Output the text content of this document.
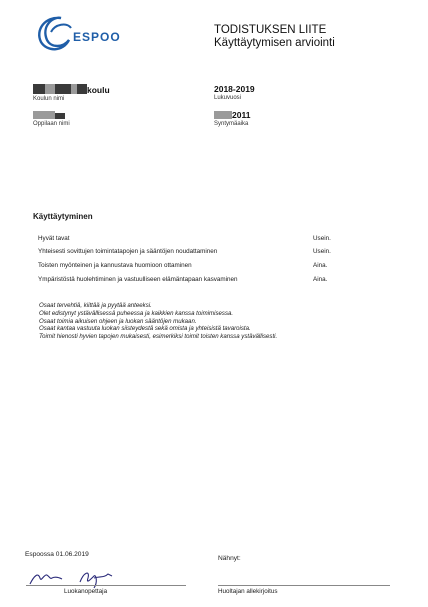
ESPOO	TODISTUKSEN LIITE
Käyttäytymisen arviointi
koulu
Koulun nimi
2018-2019
Lukuvuosi
Oppilaan nimi
2011
Syntymäaika
Käyttäytyminen
Hyvät tavat	Usein.
Yhteisesti sovittujen toimintatapojen ja sääntöjen noudattaminen	Usein.
Toisten myönteinen ja kannustava huomioon ottaminen	Aina.
Ympäristöstä huolehtiminen ja vastuulliseen elämäntapaan kasvaminen	Aina.
Osaat tervehtiä, kiittää ja pyytää anteeksi.
Olet edistynyt ystävällisessä puheessa ja kaikkien kanssa toimimisessa.
Osaat toimia aikuisen ohjeen ja luokan sääntöjen mukaan.
Osaat kantaa vastuuta luokan siisteydestä sekä omista ja yhteisistä tavaroista.
Toimit hienosti hyvien tapojen mukaisesti, esimerkiksi toimit toisten kanssa ystävällisesti.
Espoossa 01.06.2019
Nähnyt:
Luokanopettaja	Huoltajan allekirjoitus
